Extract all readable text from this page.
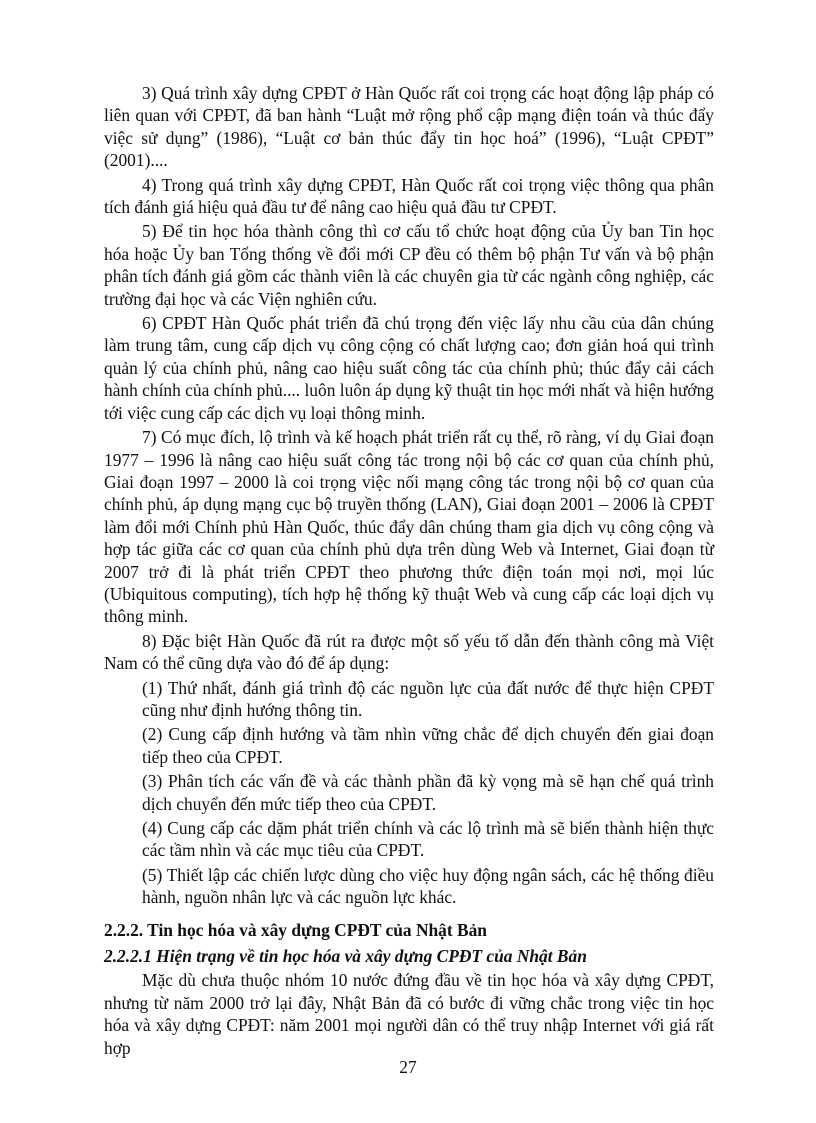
3) Quá trình xây dựng CPĐT ở Hàn Quốc rất coi trọng các hoạt động lập pháp có liên quan với CPĐT, đã ban hành “Luật mở rộng phổ cập mạng điện toán và thúc đẩy việc sử dụng” (1986), “Luật cơ bản thúc đẩy tin học hoá” (1996), “Luật CPĐT” (2001)....

4) Trong quá trình xây dựng CPĐT, Hàn Quốc rất coi trọng việc thông qua phân tích đánh giá hiệu quả đầu tư để nâng cao hiệu quả đầu tư CPĐT.

5) Để tin học hóa thành công thì cơ cấu tổ chức hoạt động của Ủy ban Tin học hóa hoặc Ủy ban Tổng thống về đổi mới CP đều có thêm bộ phận Tư vấn và bộ phận phân tích đánh giá gồm các thành viên là các chuyên gia từ các ngành công nghiệp, các trường đại học và các Viện nghiên cứu.

6) CPĐT Hàn Quốc phát triển đã chú trọng đến việc lấy nhu cầu của dân chúng làm trung tâm, cung cấp dịch vụ công cộng có chất lượng cao; đơn giản hoá qui trình quản lý của chính phủ, nâng cao hiệu suất công tác của chính phủ; thúc đẩy cải cách hành chính của chính phủ.... luôn luôn áp dụng kỹ thuật tin học mới nhất và hiện hướng tới việc cung cấp các dịch vụ loại thông minh.

7) Có mục đích, lộ trình và kế hoạch phát triển rất cụ thể, rõ ràng, ví dụ Giai đoạn 1977 – 1996 là nâng cao hiệu suất công tác trong nội bộ các cơ quan của chính phủ, Giai đoạn 1997 – 2000 là coi trọng việc nối mạng công tác trong nội bộ cơ quan của chính phủ, áp dụng mạng cục bộ truyền thống (LAN), Giai đoạn 2001 – 2006 là CPĐT làm đổi mới Chính phủ Hàn Quốc, thúc đẩy dân chúng tham gia dịch vụ công cộng và hợp tác giữa các cơ quan của chính phủ dựa trên dùng Web và Internet, Giai đoạn từ 2007 trở đi là phát triển CPĐT theo phương thức điện toán mọi nơi, mọi lúc (Ubiquitous computing), tích hợp hệ thống kỹ thuật Web và cung cấp các loại dịch vụ thông minh.

8) Đặc biệt Hàn Quốc đã rút ra được một số yếu tố dẫn đến thành công mà Việt Nam có thể cũng dựa vào đó để áp dụng:

(1) Thứ nhất, đánh giá trình độ các nguồn lực của đất nước để thực hiện CPĐT cũng như định hướng thông tin.

(2) Cung cấp định hướng và tầm nhìn vững chắc để dịch chuyển đến giai đoạn tiếp theo của CPĐT.

(3) Phân tích các vấn đề và các thành phần đã kỳ vọng mà sẽ hạn chế quá trình dịch chuyển đến mức tiếp theo của CPĐT.

(4) Cung cấp các dặm phát triển chính và các lộ trình mà sẽ biến thành hiện thực các tầm nhìn và các mục tiêu của CPĐT.

(5) Thiết lập các chiến lược dùng cho việc huy động ngân sách, các hệ thống điều hành, nguồn nhân lực và các nguồn lực khác.

2.2.2. Tin học hóa và xây dựng CPĐT của Nhật Bản
2.2.2.1 Hiện trạng về tin học hóa và xây dựng CPĐT của Nhật Bản

Mặc dù chưa thuộc nhóm 10 nước đứng đầu về tin học hóa và xây dựng CPĐT, nhưng từ năm 2000 trở lại đây, Nhật Bản đã có bước đi vững chắc trong việc tin học hóa và xây dựng CPĐT: năm 2001 mọi người dân có thể truy nhập Internet với giá rất hợp

27
